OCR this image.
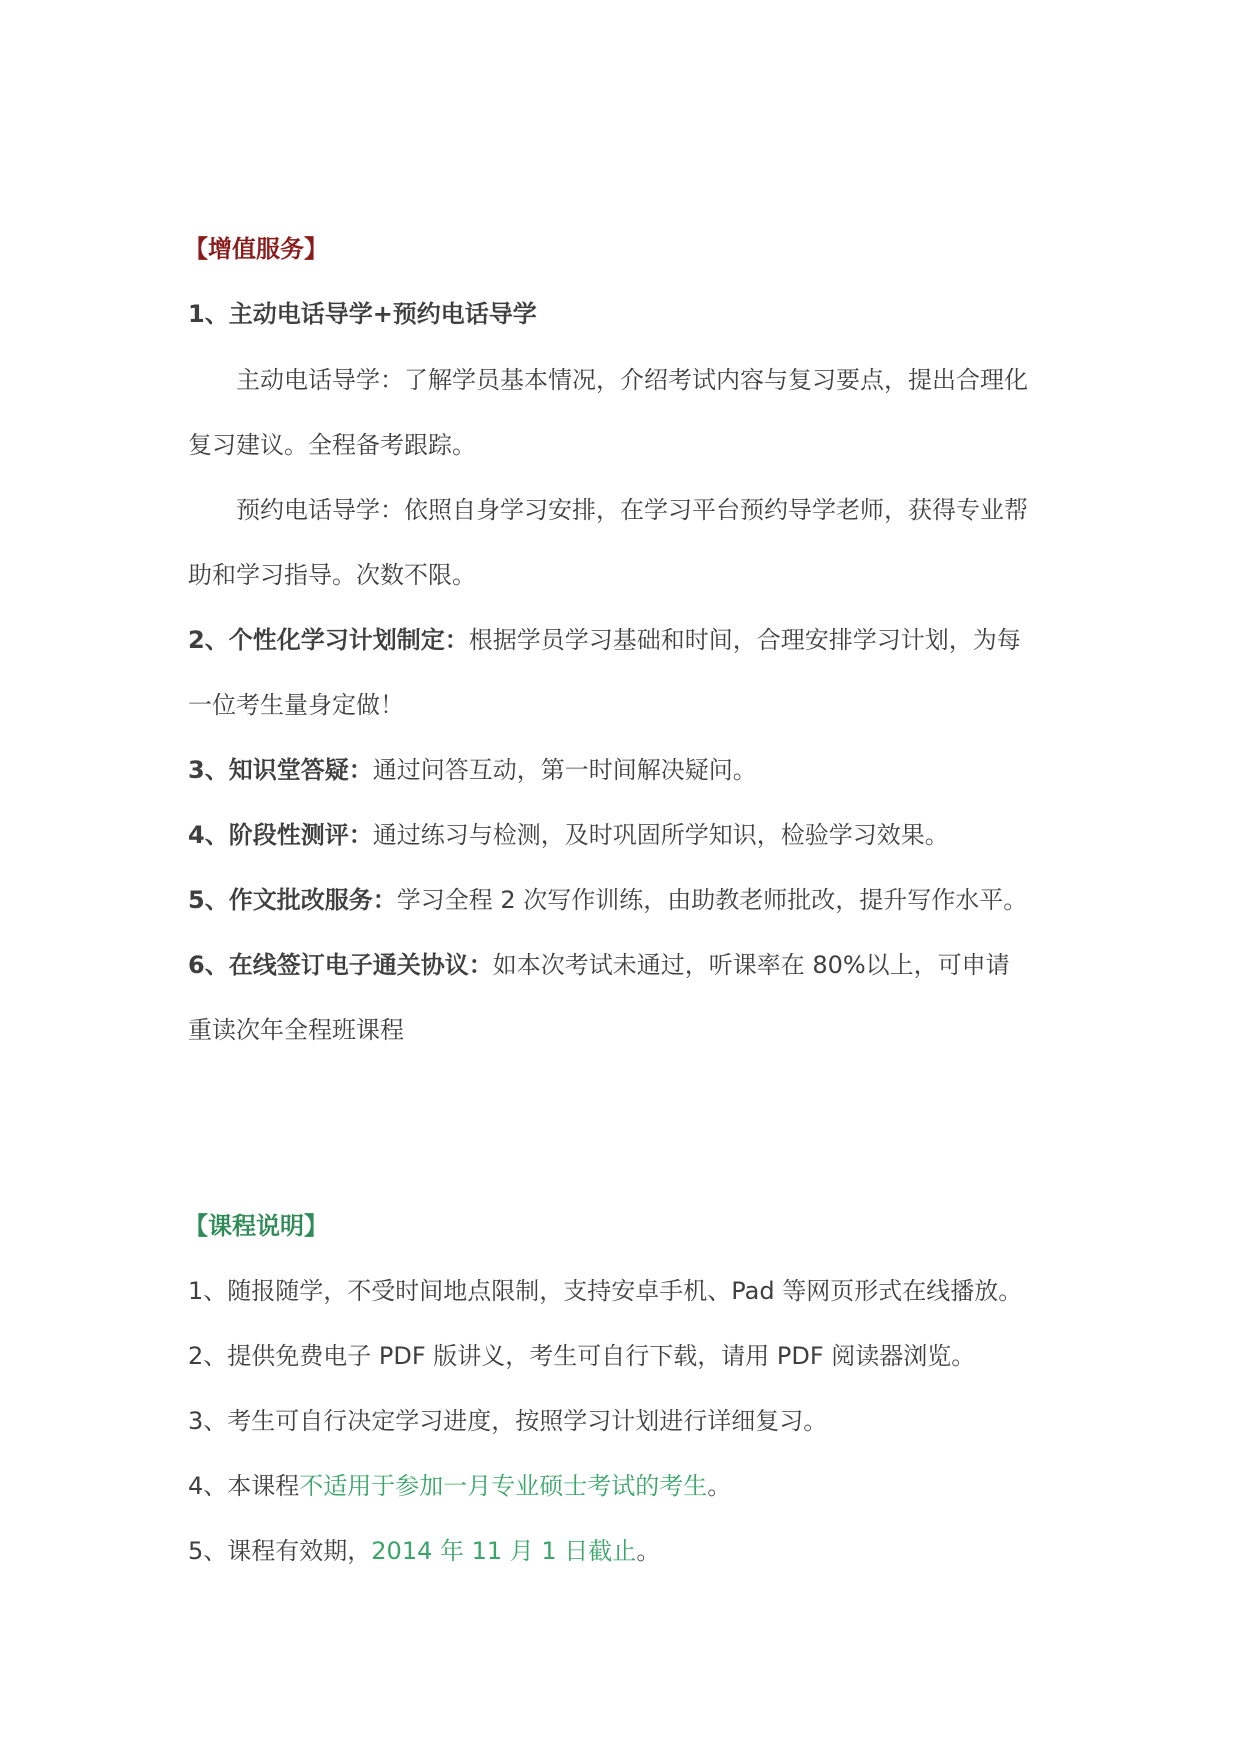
【增值服务】
1、主动电话导学+预约电话导学
主动电话导学：了解学员基本情况，介绍考试内容与复习要点，提出合理化
复习建议。全程备考跟踪。
预约电话导学：依照自身学习安排，在学习平台预约导学老师，获得专业帮
助和学习指导。次数不限。
2、个性化学习计划制定：根据学员学习基础和时间，合理安排学习计划，为每
一位考生量身定做！
3、知识堂答疑：通过问答互动，第一时间解决疑问。
4、阶段性测评：通过练习与检测，及时巩固所学知识，检验学习效果。
5、作文批改服务：学习全程 2 次写作训练，由助教老师批改，提升写作水平。
6、在线签订电子通关协议：如本次考试未通过，听课率在 80%以上，可申请
重读次年全程班课程
【课程说明】
1、随报随学，不受时间地点限制，支持安卓手机、Pad 等网页形式在线播放。
2、提供免费电子 PDF 版讲义，考生可自行下载，请用 PDF 阅读器浏览。
3、考生可自行决定学习进度，按照学习计划进行详细复习。
4、本课程不适用于参加一月专业硕士考试的考生。
5、课程有效期，2014 年 11 月 1 日截止。
